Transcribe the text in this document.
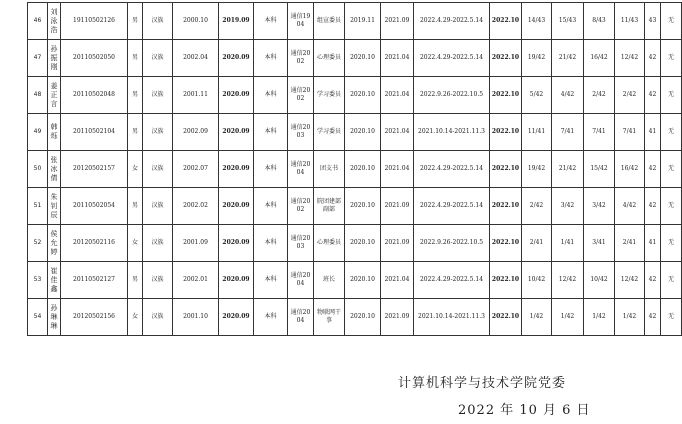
46	刘泳浩	19110502126	男	汉族	2000.10	2019.09	本科	通信1904	组宣委员	2019.11	2021.09	2022.4.29-2022.5.14	2022.10	14/43	15/43	8/43	11/43	43	无
47	孙振刚	20110502050	男	汉族	2002.04	2020.09	本科	通信2002	心理委员	2020.10	2021.04	2022.4.29-2022.5.14	2022.10	19/42	21/42	16/42	12/42	42	无
48	姜正言	20110502048	男	汉族	2001.11	2020.09	本科	通信2002	学习委员	2020.10	2021.04	2022.9.26-2022.10.5	2022.10	5/42	4/42	2/42	2/42	42	无
49	韩烁	20110502104	男	汉族	2002.09	2020.09	本科	通信2003	学习委员	2020.10	2021.04	2021.10.14-2021.11.3	2022.10	11/41	7/41	7/41	7/41	41	无
50	张冰倩	20120502157	女	汉族	2002.07	2020.09	本科	通信2004	团支书	2020.10	2021.04	2022.4.29-2022.5.14	2022.10	19/42	21/42	15/42	16/42	42	无
51	朱钊辰	20110502054	男	汉族	2002.02	2020.09	本科	通信2002	院团建部副部	2020.10	2021.09	2022.4.29-2022.5.14	2022.10	2/42	3/42	3/42	4/42	42	无
52	侯允婷	20120502116	女	汉族	2001.09	2020.09	本科	通信2003	心理委员	2020.10	2021.09	2022.9.26-2022.10.5	2022.10	2/41	1/41	3/41	2/41	41	无
53	崔佳鑫	20110502127	男	汉族	2002.01	2020.09	本科	通信2004	班长	2020.10	2021.04	2022.4.29-2022.5.14	2022.10	10/42	12/42	10/42	12/42	42	无
54	孙琳琳	20120502156	女	汉族	2001.10	2020.09	本科	通信2004	物联网干事	2020.10	2021.09	2021.10.14-2021.11.3	2022.10	1/42	1/42	1/42	1/42	42	无
计算机科学与技术学院党委
2022 年 10 月 6 日
